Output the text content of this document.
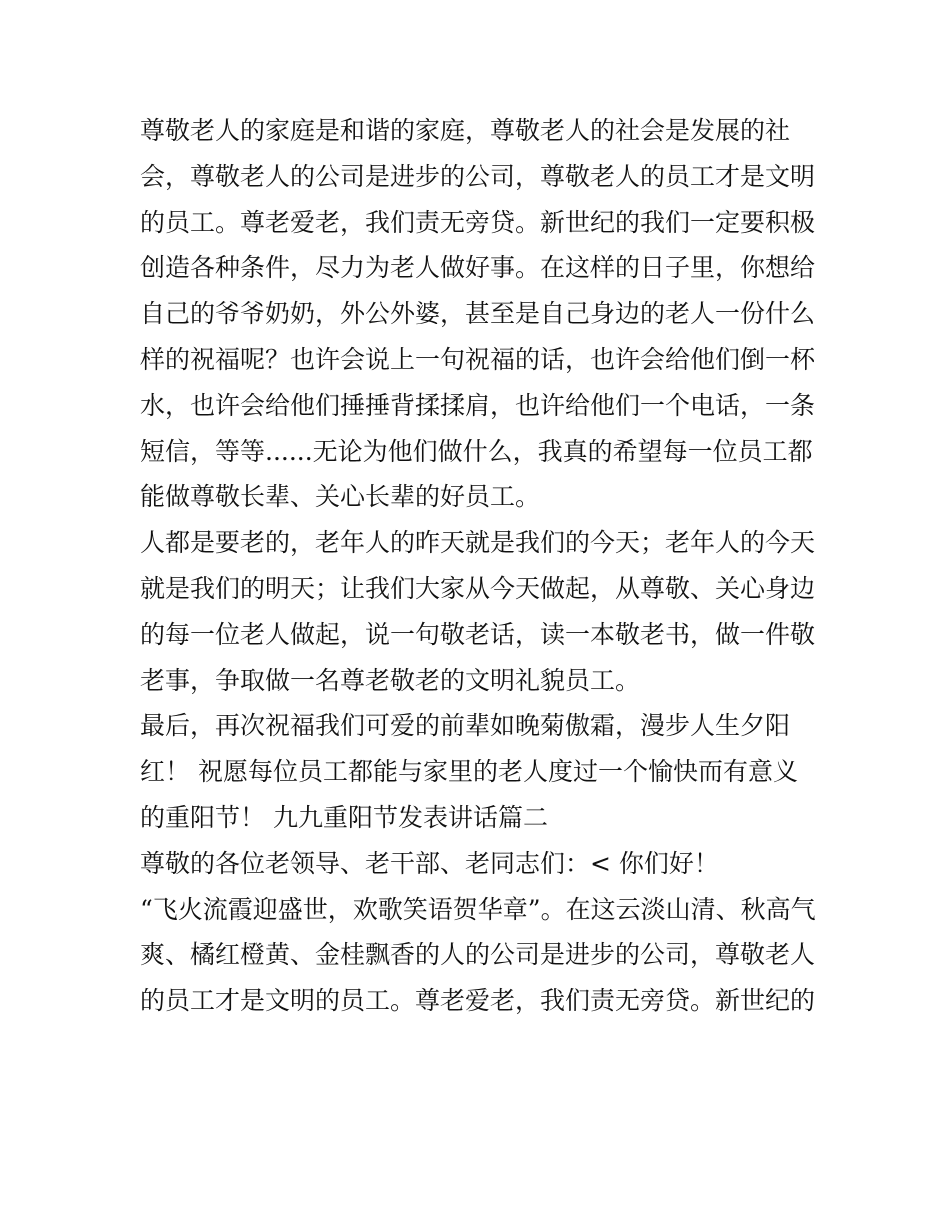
尊敬老人的家庭是和谐的家庭，尊敬老人的社会是发展的社
会，尊敬老人的公司是进步的公司，尊敬老人的员工才是文明
的员工。尊老爱老，我们责无旁贷。新世纪的我们一定要积极
创造各种条件，尽力为老人做好事。在这样的日子里，你想给
自己的爷爷奶奶，外公外婆，甚至是自己身边的老人一份什么
样的祝福呢？也许会说上一句祝福的话，也许会给他们倒一杯
水，也许会给他们捶捶背揉揉肩，也许给他们一个电话，一条
短信，等等......无论为他们做什么，我真的希望每一位员工都
能做尊敬长辈、关心长辈的好员工。
人都是要老的，老年人的昨天就是我们的今天；老年人的今天
就是我们的明天；让我们大家从今天做起，从尊敬、关心身边
的每一位老人做起，说一句敬老话，读一本敬老书，做一件敬
老事，争取做一名尊老敬老的文明礼貌员工。
最后，再次祝福我们可爱的前辈如晚菊傲霜，漫步人生夕阳
红！ 祝愿每位员工都能与家里的老人度过一个愉快而有意义
的重阳节！ 九九重阳节发表讲话篇二
尊敬的各位老领导、老干部、老同志们：< 你们好！
“飞火流霞迎盛世，欢歌笑语贺华章”。在这云淡山清、秋高气
爽、橘红橙黄、金桂飘香的人的公司是进步的公司，尊敬老人
的员工才是文明的员工。尊老爱老，我们责无旁贷。新世纪的
